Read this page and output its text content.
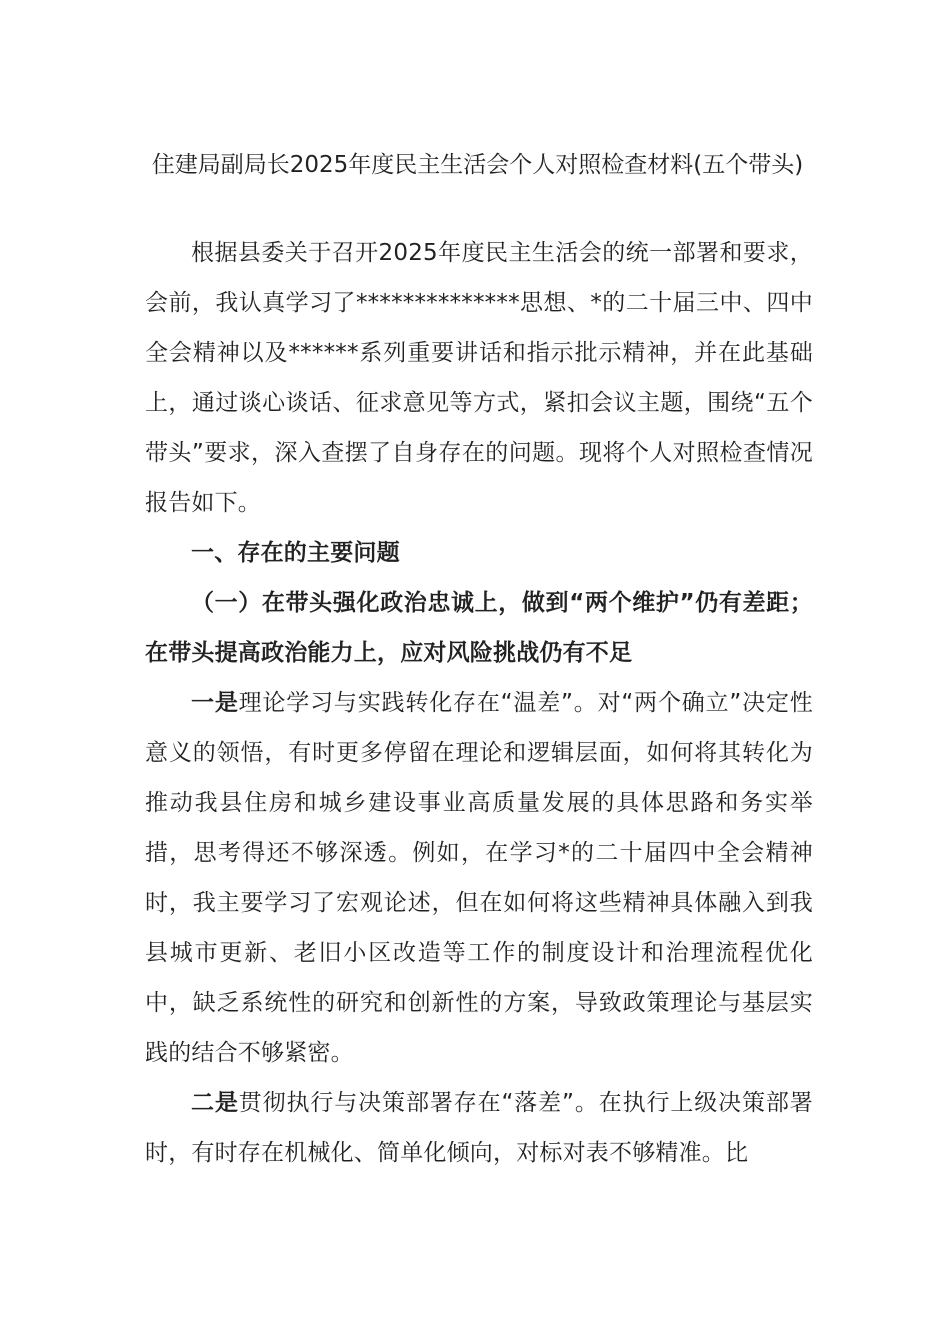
住建局副局长2025年度民主生活会个人对照检查材料(五个带头)

根据县委关于召开2025年度民主生活会的统一部署和要求，会前，我认真学习了**************思想、*的二十届三中、四中全会精神以及******系列重要讲话和指示批示精神，并在此基础上，通过谈心谈话、征求意见等方式，紧扣会议主题，围绕“五个带头”要求，深入查摆了自身存在的问题。现将个人对照检查情况报告如下。

一、存在的主要问题

（一）在带头强化政治忠诚上，做到“两个维护”仍有差距；在带头提高政治能力上，应对风险挑战仍有不足

一是理论学习与实践转化存在“温差”。对“两个确立”决定性意义的领悟，有时更多停留在理论和逻辑层面，如何将其转化为推动我县住房和城乡建设事业高质量发展的具体思路和务实举措，思考得还不够深透。例如，在学习*的二十届四中全会精神时，我主要学习了宏观论述，但在如何将这些精神具体融入到我县城市更新、老旧小区改造等工作的制度设计和治理流程优化中，缺乏系统性的研究和创新性的方案，导致政策理论与基层实践的结合不够紧密。

二是贯彻执行与决策部署存在“落差”。在执行上级决策部署时，有时存在机械化、简单化倾向，对标对表不够精准。比
